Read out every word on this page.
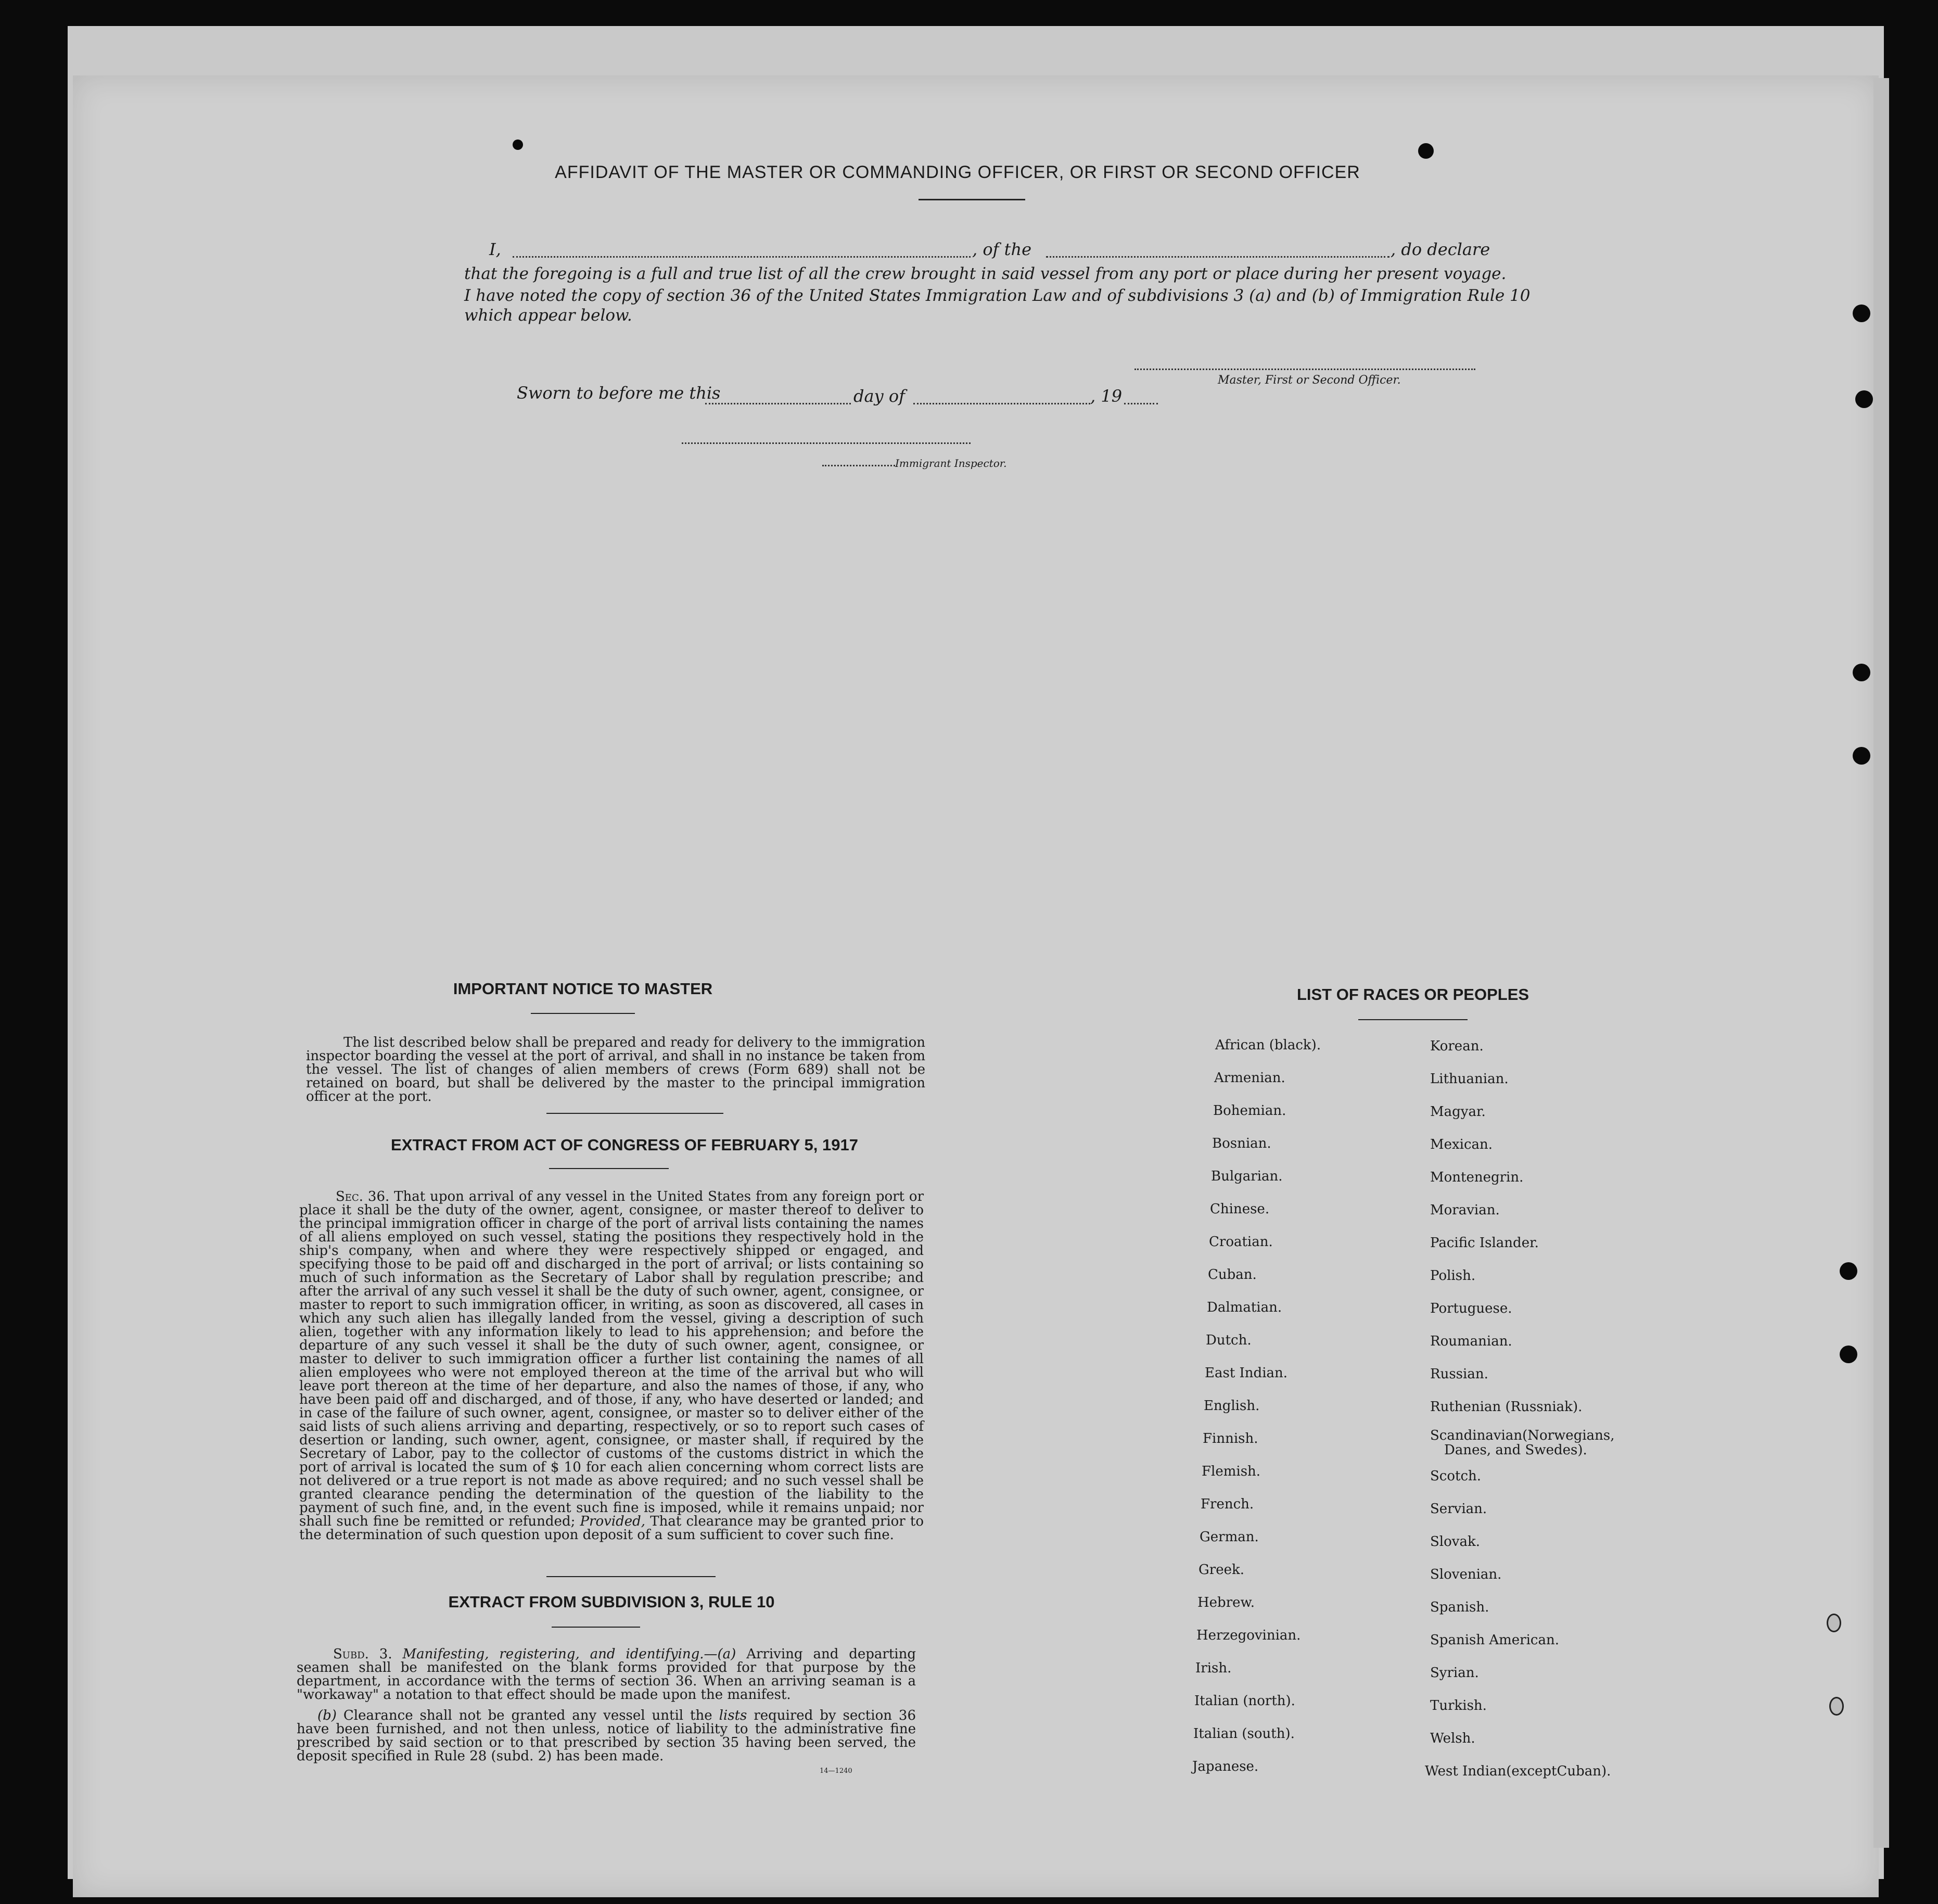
AFFIDAVIT OF THE MASTER OR COMMANDING OFFICER, OR FIRST OR SECOND OFFICER
I,	, of the	, do declare
that the foregoing is a full and true list of all the crew brought in said vessel from any port or place during her present voyage.
I have noted the copy of section 36 of the United States Immigration Law and of subdivisions 3 (a) and (b) of Immigration Rule 10
which appear below.
Master, First or Second Officer.
Sworn to before me this	day of	, 19
Immigrant Inspector.
IMPORTANT NOTICE TO MASTER
The list described below shall be prepared and ready for delivery to the immigration inspector boarding the vessel at the port of arrival, and shall in no instance be taken from the vessel. The list of changes of alien members of crews (Form 689) shall not be retained on board, but shall be delivered by the master to the principal immigration officer at the port.
EXTRACT FROM ACT OF CONGRESS OF FEBRUARY 5, 1917
Sec. 36. That upon arrival of any vessel in the United States from any foreign port or place it shall be the duty of the owner, agent, consignee, or master thereof to deliver to the principal immigration officer in charge of the port of arrival lists containing the names of all aliens employed on such vessel, stating the positions they respectively hold in the ship's company, when and where they were respectively shipped or engaged, and specifying those to be paid off and discharged in the port of arrival; or lists containing so much of such information as the Secretary of Labor shall by regulation prescribe; and after the arrival of any such vessel it shall be the duty of such owner, agent, consignee, or master to report to such immigration officer, in writing, as soon as discovered, all cases in which any such alien has illegally landed from the vessel, giving a description of such alien, together with any information likely to lead to his apprehension; and before the departure of any such vessel it shall be the duty of such owner, agent, consignee, or master to deliver to such immigration officer a further list containing the names of all alien employees who were not employed thereon at the time of the arrival but who will leave port thereon at the time of her departure, and also the names of those, if any, who have been paid off and discharged, and of those, if any, who have deserted or landed; and in case of the failure of such owner, agent, consignee, or master so to deliver either of the said lists of such aliens arriving and departing, respectively, or so to report such cases of desertion or landing, such owner, agent, consignee, or master shall, if required by the Secretary of Labor, pay to the collector of customs of the customs district in which the port of arrival is located the sum of $ 10 for each alien concerning whom correct lists are not delivered or a true report is not made as above required; and no such vessel shall be granted clearance pending the determination of the question of the liability to the payment of such fine, and, in the event such fine is imposed, while it remains unpaid; nor shall such fine be remitted or refunded; Provided, That clearance may be granted prior to the determination of such question upon deposit of a sum sufficient to cover such fine.
EXTRACT FROM SUBDIVISION 3, RULE 10
Subd. 3. Manifesting, registering, and identifying.—(a) Arriving and departing seamen shall be manifested on the blank forms provided for that purpose by the department, in accordance with the terms of section 36. When an arriving seaman is a "workaway" a notation to that effect should be made upon the manifest.
(b) Clearance shall not be granted any vessel until the lists required by section 36 have been furnished, and not then unless, notice of liability to the administrative fine prescribed by said section or to that prescribed by section 35 having been served, the deposit specified in Rule 28 (subd. 2) has been made.
14—1240
LIST OF RACES OR PEOPLES
African (black).
Armenian.
Bohemian.
Bosnian.
Bulgarian.
Chinese.
Croatian.
Cuban.
Dalmatian.
Dutch.
East Indian.
English.
Finnish.
Flemish.
French.
German.
Greek.
Hebrew.
Herzegovinian.
Irish.
Italian (north).
Italian (south).
Japanese.
Korean.
Lithuanian.
Magyar.
Mexican.
Montenegrin.
Moravian.
Pacific Islander.
Polish.
Portuguese.
Roumanian.
Russian.
Ruthenian (Russniak).
Scandinavian(Norwegians,
Danes, and Swedes).
Scotch.
Servian.
Slovak.
Slovenian.
Spanish.
Spanish American.
Syrian.
Turkish.
Welsh.
West Indian(exceptCuban).
